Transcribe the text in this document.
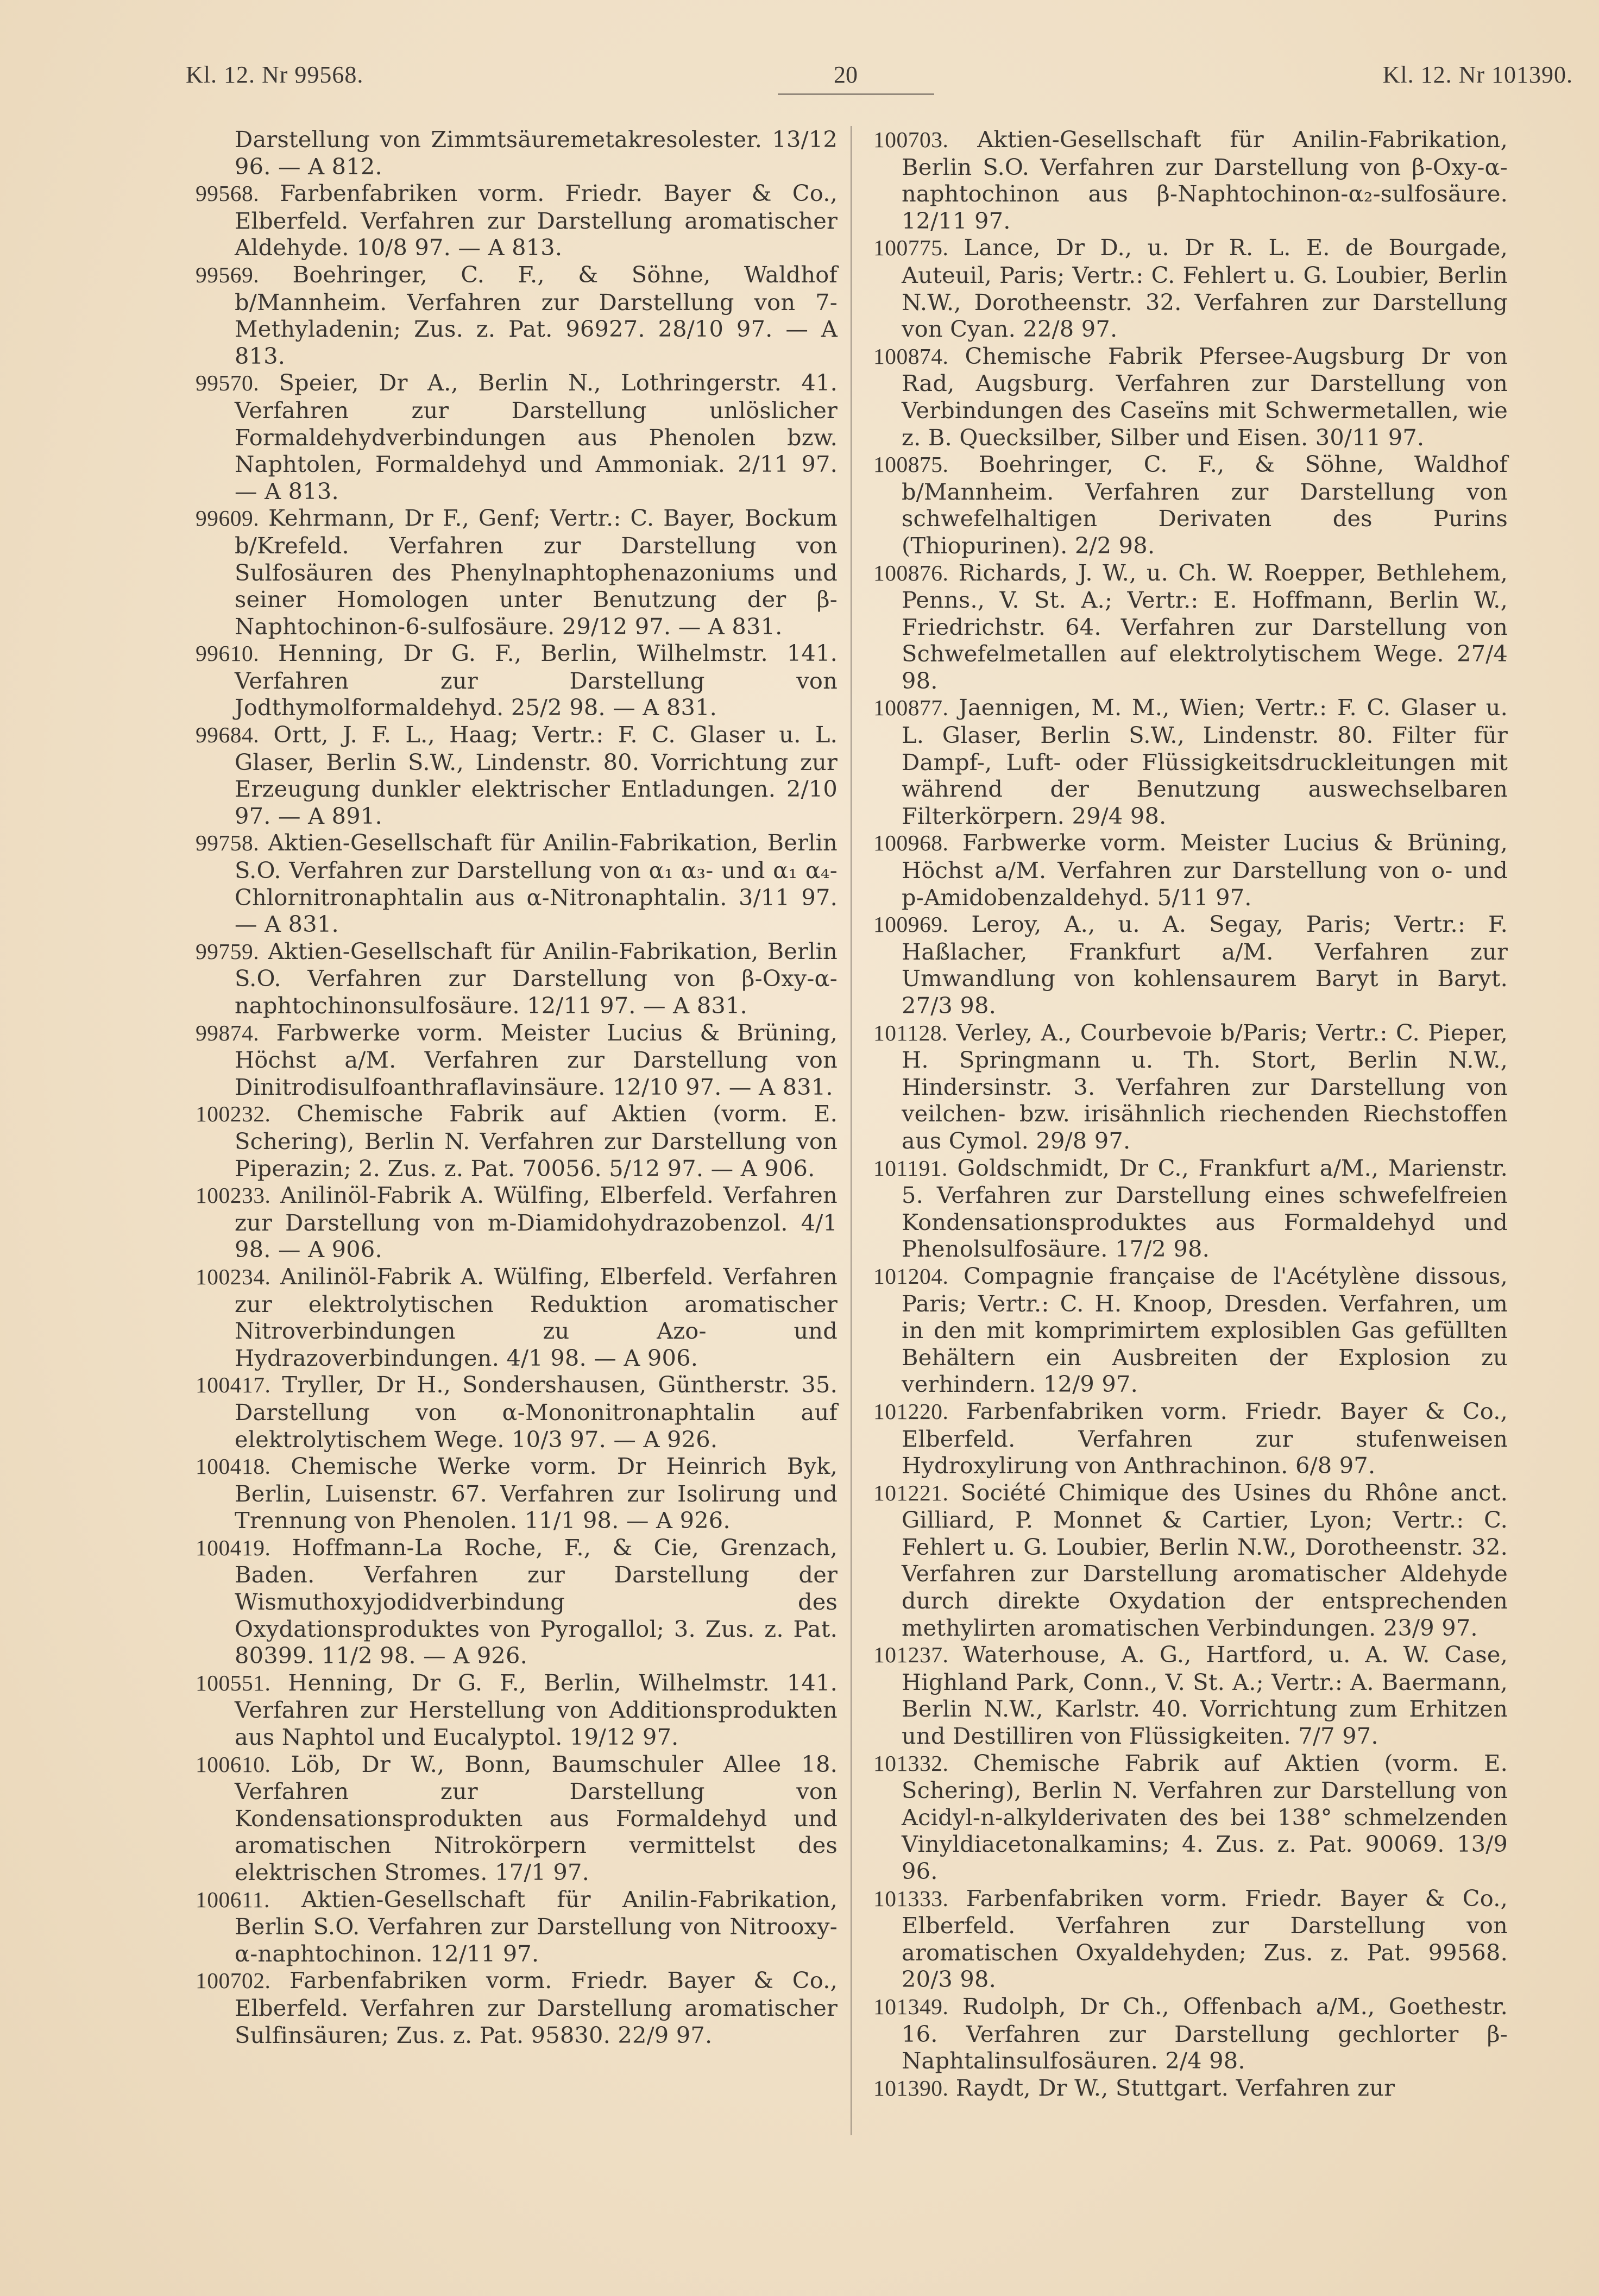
Kl. 12. Nr 99568.	20	Kl. 12. Nr 101390.

Darstellung von Zimmtsäuremetakresolester. 13/12 96. — A 812.

99568. Farbenfabriken vorm. Friedr. Bayer & Co., Elberfeld. Verfahren zur Darstellung aromatischer Aldehyde. 10/8 97. — A 813.

99569. Boehringer, C. F., & Söhne, Waldhof b/Mannheim. Verfahren zur Darstellung von 7-Methyladenin; Zus. z. Pat. 96927. 28/10 97. — A 813.

99570. Speier, Dr A., Berlin N., Lothringerstr. 41. Verfahren zur Darstellung unlöslicher Formaldehydverbindungen aus Phenolen bzw. Naphtolen, Formaldehyd und Ammoniak. 2/11 97. — A 813.

99609. Kehrmann, Dr F., Genf; Vertr.: C. Bayer, Bockum b/Krefeld. Verfahren zur Darstellung von Sulfosäuren des Phenylnaphtophenazoniums und seiner Homologen unter Benutzung der β-Naphtochinon-6-sulfosäure. 29/12 97. — A 831.

99610. Henning, Dr G. F., Berlin, Wilhelmstr. 141. Verfahren zur Darstellung von Jodthymolformaldehyd. 25/2 98. — A 831.

99684. Ortt, J. F. L., Haag; Vertr.: F. C. Glaser u. L. Glaser, Berlin S.W., Lindenstr. 80. Vorrichtung zur Erzeugung dunkler elektrischer Entladungen. 2/10 97. — A 891.

99758. Aktien-Gesellschaft für Anilin-Fabrikation, Berlin S.O. Verfahren zur Darstellung von α₁ α₃- und α₁ α₄-Chlornitronaphtalin aus α-Nitronaphtalin. 3/11 97. — A 831.

99759. Aktien-Gesellschaft für Anilin-Fabrikation, Berlin S.O. Verfahren zur Darstellung von β-Oxy-α-naphtochinonsulfosäure. 12/11 97. — A 831.

99874. Farbwerke vorm. Meister Lucius & Brüning, Höchst a/M. Verfahren zur Darstellung von Dinitrodisulfoanthraflavinsäure. 12/10 97. — A 831.

100232. Chemische Fabrik auf Aktien (vorm. E. Schering), Berlin N. Verfahren zur Darstellung von Piperazin; 2. Zus. z. Pat. 70056. 5/12 97. — A 906.

100233. Anilinöl-Fabrik A. Wülfing, Elberfeld. Verfahren zur Darstellung von m-Diamidohydrazobenzol. 4/1 98. — A 906.

100234. Anilinöl-Fabrik A. Wülfing, Elberfeld. Verfahren zur elektrolytischen Reduktion aromatischer Nitroverbindungen zu Azo- und Hydrazoverbindungen. 4/1 98. — A 906.

100417. Tryller, Dr H., Sondershausen, Güntherstr. 35. Darstellung von α-Mononitronaphtalin auf elektrolytischem Wege. 10/3 97. — A 926.

100418. Chemische Werke vorm. Dr Heinrich Byk, Berlin, Luisenstr. 67. Verfahren zur Isolirung und Trennung von Phenolen. 11/1 98. — A 926.

100419. Hoffmann-La Roche, F., & Cie, Grenzach, Baden. Verfahren zur Darstellung der Wismuthoxyjodidverbindung des Oxydationsproduktes von Pyrogallol; 3. Zus. z. Pat. 80399. 11/2 98. — A 926.

100551. Henning, Dr G. F., Berlin, Wilhelmstr. 141. Verfahren zur Herstellung von Additionsprodukten aus Naphtol und Eucalyptol. 19/12 97.

100610. Löb, Dr W., Bonn, Baumschuler Allee 18. Verfahren zur Darstellung von Kondensationsprodukten aus Formaldehyd und aromatischen Nitrokörpern vermittelst des elektrischen Stromes. 17/1 97.

100611. Aktien-Gesellschaft für Anilin-Fabrikation, Berlin S.O. Verfahren zur Darstellung von Nitrooxy-α-naphtochinon. 12/11 97.

100702. Farbenfabriken vorm. Friedr. Bayer & Co., Elberfeld. Verfahren zur Darstellung aromatischer Sulfinsäuren; Zus. z. Pat. 95830. 22/9 97.

100703. Aktien-Gesellschaft für Anilin-Fabrikation, Berlin S.O. Verfahren zur Darstellung von β-Oxy-α-naphtochinon aus β-Naphtochinon-α₂-sulfosäure. 12/11 97.

100775. Lance, Dr D., u. Dr R. L. E. de Bourgade, Auteuil, Paris; Vertr.: C. Fehlert u. G. Loubier, Berlin N.W., Dorotheenstr. 32. Verfahren zur Darstellung von Cyan. 22/8 97.

100874. Chemische Fabrik Pfersee-Augsburg Dr von Rad, Augsburg. Verfahren zur Darstellung von Verbindungen des Caseïns mit Schwermetallen, wie z. B. Quecksilber, Silber und Eisen. 30/11 97.

100875. Boehringer, C. F., & Söhne, Waldhof b/Mannheim. Verfahren zur Darstellung von schwefelhaltigen Derivaten des Purins (Thiopurinen). 2/2 98.

100876. Richards, J. W., u. Ch. W. Roepper, Bethlehem, Penns., V. St. A.; Vertr.: E. Hoffmann, Berlin W., Friedrichstr. 64. Verfahren zur Darstellung von Schwefelmetallen auf elektrolytischem Wege. 27/4 98.

100877. Jaennigen, M. M., Wien; Vertr.: F. C. Glaser u. L. Glaser, Berlin S.W., Lindenstr. 80. Filter für Dampf-, Luft- oder Flüssigkeitsdruckleitungen mit während der Benutzung auswechselbaren Filterkörpern. 29/4 98.

100968. Farbwerke vorm. Meister Lucius & Brüning, Höchst a/M. Verfahren zur Darstellung von o- und p-Amidobenzaldehyd. 5/11 97.

100969. Leroy, A., u. A. Segay, Paris; Vertr.: F. Haßlacher, Frankfurt a/M. Verfahren zur Umwandlung von kohlensaurem Baryt in Baryt. 27/3 98.

101128. Verley, A., Courbevoie b/Paris; Vertr.: C. Pieper, H. Springmann u. Th. Stort, Berlin N.W., Hindersinstr. 3. Verfahren zur Darstellung von veilchen- bzw. irisähnlich riechenden Riechstoffen aus Cymol. 29/8 97.

101191. Goldschmidt, Dr C., Frankfurt a/M., Marienstr. 5. Verfahren zur Darstellung eines schwefelfreien Kondensationsproduktes aus Formaldehyd und Phenolsulfosäure. 17/2 98.

101204. Compagnie française de l'Acétylène dissous, Paris; Vertr.: C. H. Knoop, Dresden. Verfahren, um in den mit komprimirtem explosiblen Gas gefüllten Behältern ein Ausbreiten der Explosion zu verhindern. 12/9 97.

101220. Farbenfabriken vorm. Friedr. Bayer & Co., Elberfeld. Verfahren zur stufenweisen Hydroxylirung von Anthrachinon. 6/8 97.

101221. Société Chimique des Usines du Rhône anct. Gilliard, P. Monnet & Cartier, Lyon; Vertr.: C. Fehlert u. G. Loubier, Berlin N.W., Dorotheenstr. 32. Verfahren zur Darstellung aromatischer Aldehyde durch direkte Oxydation der entsprechenden methylirten aromatischen Verbindungen. 23/9 97.

101237. Waterhouse, A. G., Hartford, u. A. W. Case, Highland Park, Conn., V. St. A.; Vertr.: A. Baermann, Berlin N.W., Karlstr. 40. Vorrichtung zum Erhitzen und Destilliren von Flüssigkeiten. 7/7 97.

101332. Chemische Fabrik auf Aktien (vorm. E. Schering), Berlin N. Verfahren zur Darstellung von Acidyl-n-alkylderivaten des bei 138° schmelzenden Vinyldiacetonalkamins; 4. Zus. z. Pat. 90069. 13/9 96.

101333. Farbenfabriken vorm. Friedr. Bayer & Co., Elberfeld. Verfahren zur Darstellung von aromatischen Oxyaldehyden; Zus. z. Pat. 99568. 20/3 98.

101349. Rudolph, Dr Ch., Offenbach a/M., Goethestr. 16. Verfahren zur Darstellung gechlorter β-Naphtalinsulfosäuren. 2/4 98.

101390. Raydt, Dr W., Stuttgart. Verfahren zur
